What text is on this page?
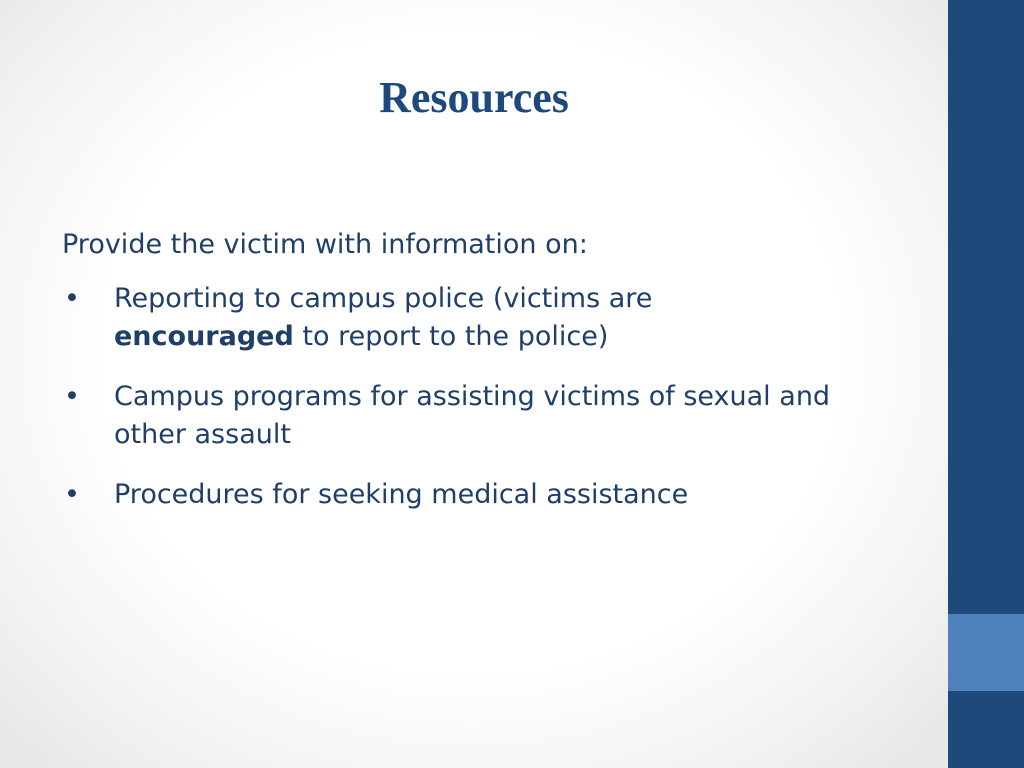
Resources

Provide the victim with information on:

• Reporting to campus police (victims are
encouraged to report to the police)
• Campus programs for assisting victims of sexual and other assault
• Procedures for seeking medical assistance
